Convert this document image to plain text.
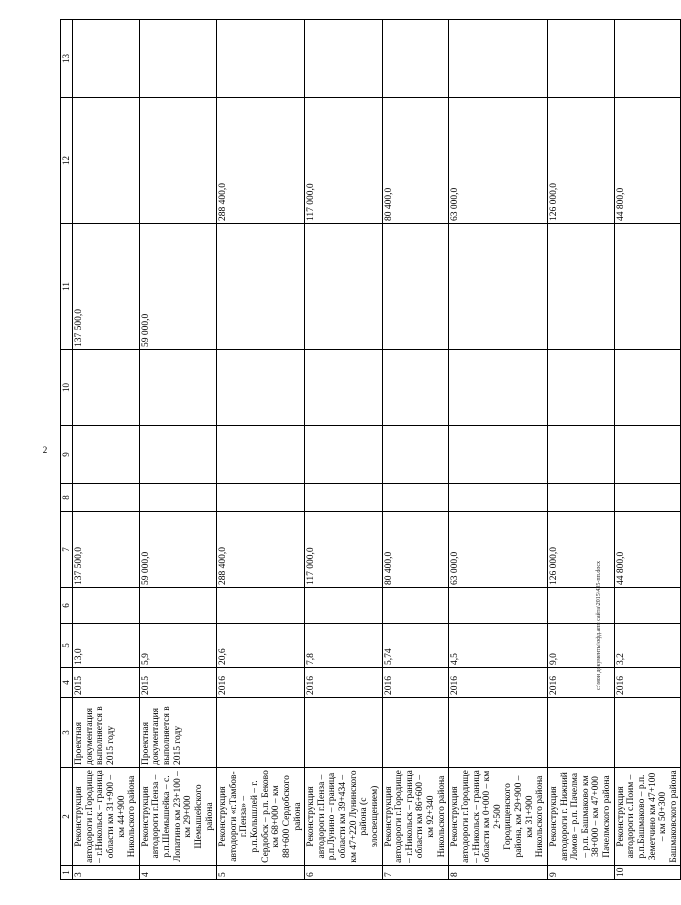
2
1	2	3	4	5	6	7	8	9	10	11	12	13
3	Реконструкция автодороги г.Городище – г.Никольск – граница области км 31+900 – км 44+900 Никольского района	Проектная документация выполняется в 2015 году	2015	13,0		137 500,0				137 500,0		
4	Реконструкция автодороги г.Пенза – р.п.Шемышейка – с. Лопатино км 23+100 – км 29+000 Шемышейского района	Проектная документация выполняется в 2015 году	2015	5,9		59 000,0				59 000,0		
5	Реконструкция автодороги «г.Тамбов-г.Пенза» – р.п.Колышлей – г. Сердобск – р.п. Беково км 68+000 – км 88+600 Сердобского района		2016	20,6		288 400,0					288 400,0	
6	Реконструкция автодороги г.Пенза – р.п.Лунино – граница области км 39+434 – км 47+220 Лунинского района (с элосвещением)		2016	7,8		117 000,0					117 000,0	
7	Реконструкция автодороги г.Городище – г.Никольск – граница области км 86+600 – км 92+340 Никольского района		2016	5,74		80 400,0					80 400,0	
8	Реконструкция автодороги г.Городище – г.Никольск – граница области км 0+000 – км 2+500 Городищенского района, км 29+900 – км 31+900 Никольского района		2016	4,5		63 000,0					63 000,0	
9	Реконструкция автодороги г. Нижний Ломов – р.п. Пачелма – р.п. Башмаково км 38+000 – км 47+000 Пачелмского района		2016	9,0		126 000,0					126 000,0	
10	Реконструкция автодороги с.Поим – р.п.Башмаково – р.п. Земетчино км 47+100 – км 50+300 Башмаковского района		2016	3,2		44 800,0					44 800,0	
c:\мои документы\офд.апп сайта\2015\435-пп.docx
